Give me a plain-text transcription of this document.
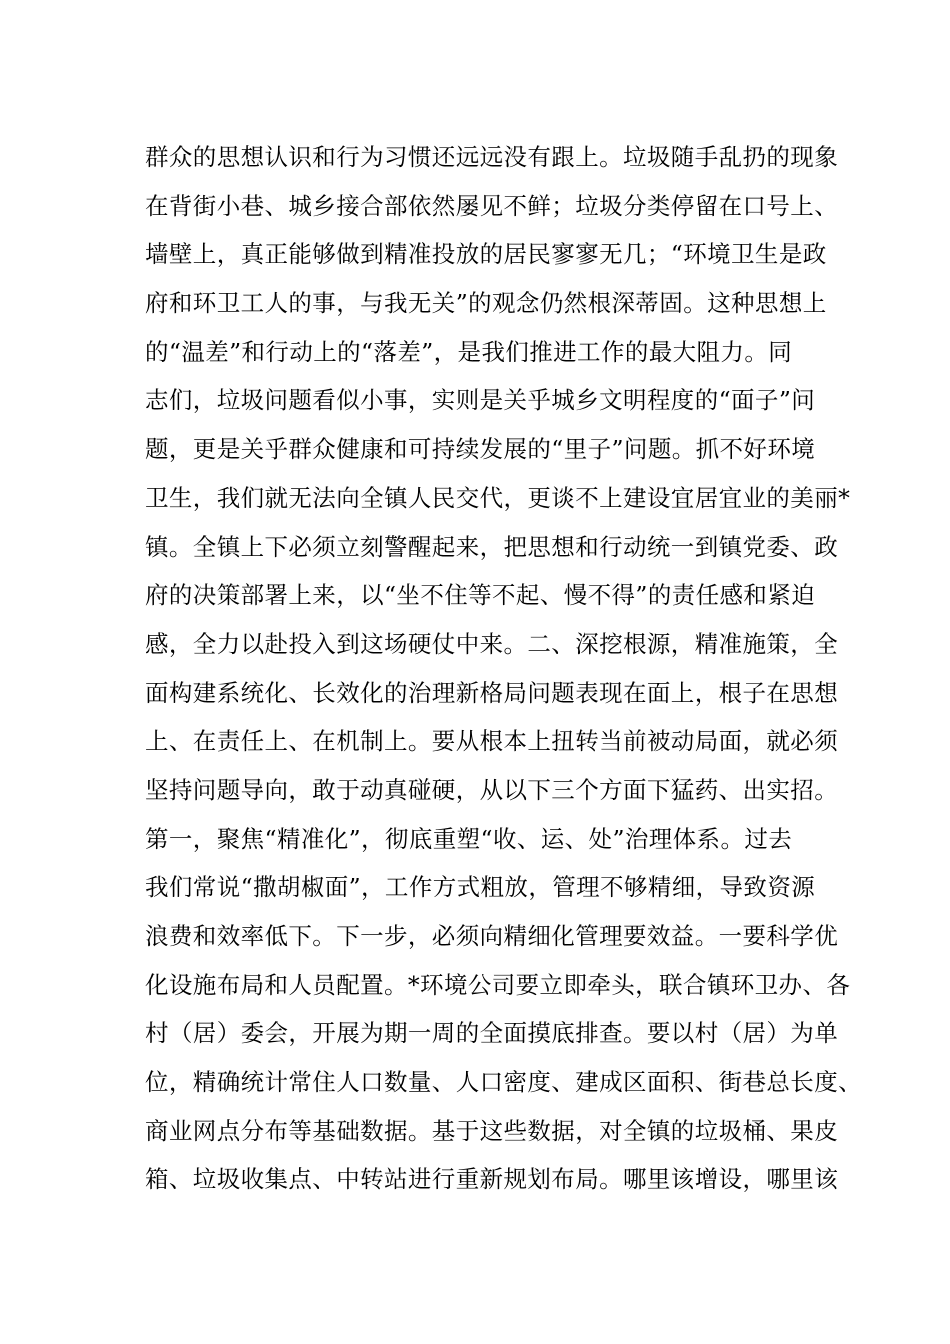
群众的思想认识和行为习惯还远远没有跟上。垃圾随手乱扔的现象
在背街小巷、城乡接合部依然屡见不鲜；垃圾分类停留在口号上、
墙壁上，真正能够做到精准投放的居民寥寥无几；“环境卫生是政
府和环卫工人的事，与我无关”的观念仍然根深蒂固。这种思想上
的“温差”和行动上的“落差”，是我们推进工作的最大阻力。同
志们，垃圾问题看似小事，实则是关乎城乡文明程度的“面子”问
题，更是关乎群众健康和可持续发展的“里子”问题。抓不好环境
卫生，我们就无法向全镇人民交代，更谈不上建设宜居宜业的美丽*
镇。全镇上下必须立刻警醒起来，把思想和行动统一到镇党委、政
府的决策部署上来，以“坐不住等不起、慢不得”的责任感和紧迫
感，全力以赴投入到这场硬仗中来。二、深挖根源，精准施策，全
面构建系统化、长效化的治理新格局问题表现在面上，根子在思想
上、在责任上、在机制上。要从根本上扭转当前被动局面，就必须
坚持问题导向，敢于动真碰硬，从以下三个方面下猛药、出实招。
第一，聚焦“精准化”，彻底重塑“收、运、处”治理体系。过去
我们常说“撒胡椒面”，工作方式粗放，管理不够精细，导致资源
浪费和效率低下。下一步，必须向精细化管理要效益。一要科学优
化设施布局和人员配置。*环境公司要立即牵头，联合镇环卫办、各
村（居）委会，开展为期一周的全面摸底排查。要以村（居）为单
位，精确统计常住人口数量、人口密度、建成区面积、街巷总长度、
商业网点分布等基础数据。基于这些数据，对全镇的垃圾桶、果皮
箱、垃圾收集点、中转站进行重新规划布局。哪里该增设，哪里该
